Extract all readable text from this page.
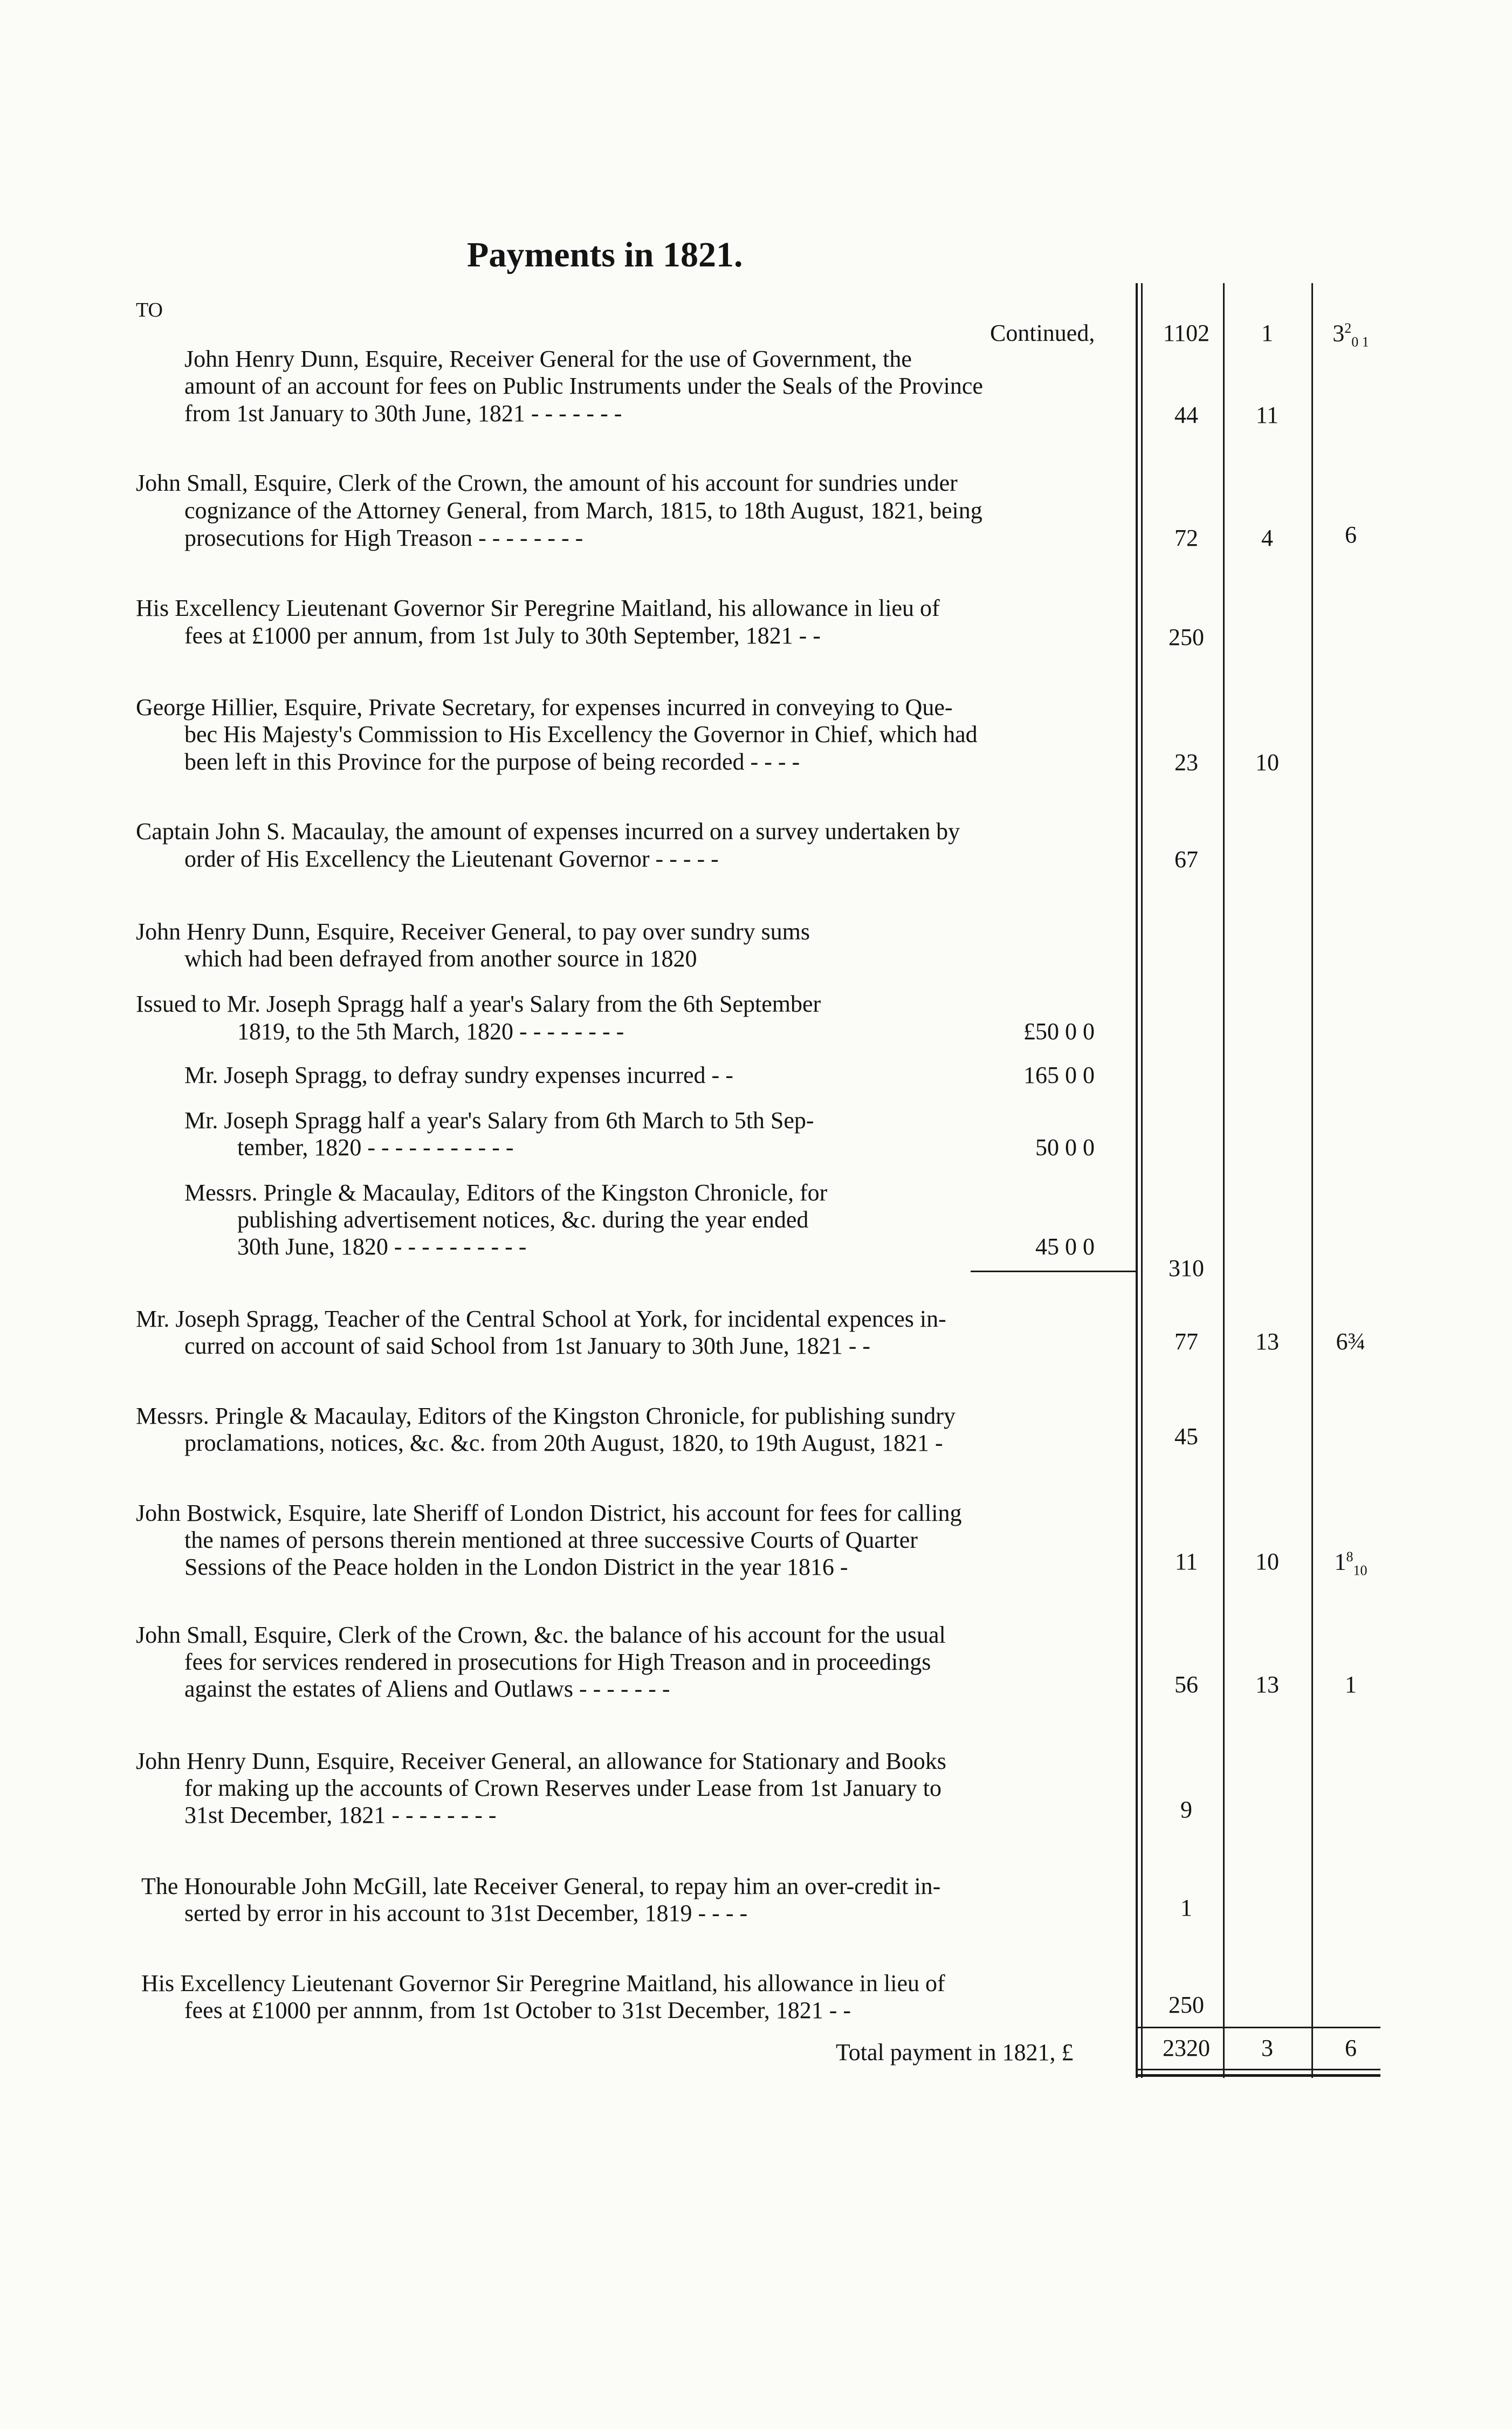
Payments in 1821.
TO
Continued,	1102	1	$3^2_{0 1}$
John Henry Dunn, Esquire, Receiver General for the use of Government, the
amount of an account for fees on Public Instruments under the Seals of the Province
from 1st January to 30th June, 1821 - - - - - - -	44	11
John Small, Esquire, Clerk of the Crown, the amount of his account for sundries under
cognizance of the Attorney General, from March, 1815, to 18th August, 1821, being
prosecutions for High Treason - - - - - - - -	72	4	6
His Excellency Lieutenant Governor Sir Peregrine Maitland, his allowance in lieu of
fees at £1000 per annum, from 1st July to 30th September, 1821 - -	250
George Hillier, Esquire, Private Secretary, for expenses incurred in conveying to Que-
bec His Majesty's Commission to His Excellency the Governor in Chief, which had
been left in this Province for the purpose of being recorded - - - -	23	10
Captain John S. Macaulay, the amount of expenses incurred on a survey undertaken by
order of His Excellency the Lieutenant Governor - - - - -	67
John Henry Dunn, Esquire, Receiver General, to pay over sundry sums
which had been defrayed from another source in 1820
Issued to Mr. Joseph Spragg half a year's Salary from the 6th September
1819, to the 5th March, 1820 - - - - - - - -	£50 0 0
Mr. Joseph Spragg, to defray sundry expenses incurred - -	165 0 0
Mr. Joseph Spragg half a year's Salary from 6th March to 5th Sep-
tember, 1820 - - - - - - - - - - -	50 0 0
Messrs. Pringle & Macaulay, Editors of the Kingston Chronicle, for
publishing advertisement notices, &c. during the year ended
30th June, 1820 - - - - - - - - - -	45 0 0
310
Mr. Joseph Spragg, Teacher of the Central School at York, for incidental expences in-
curred on account of said School from 1st January to 30th June, 1821 - -	77	13	6¾
Messrs. Pringle & Macaulay, Editors of the Kingston Chronicle, for publishing sundry
proclamations, notices, &c. &c. from 20th August, 1820, to 19th August, 1821 -	45
John Bostwick, Esquire, late Sheriff of London District, his account for fees for calling
the names of persons therein mentioned at three successive Courts of Quarter
Sessions of the Peace holden in the London District in the year 1816 -	11	10	$1^8_{10}$
John Small, Esquire, Clerk of the Crown, &c. the balance of his account for the usual
fees for services rendered in prosecutions for High Treason and in proceedings
against the estates of Aliens and Outlaws - - - - - - -	56	13	1
John Henry Dunn, Esquire, Receiver General, an allowance for Stationary and Books
for making up the accounts of Crown Reserves under Lease from 1st January to
31st December, 1821 - - - - - - - -	9
The Honourable John McGill, late Receiver General, to repay him an over-credit in-
serted by error in his account to 31st December, 1819 - - - -	1
His Excellency Lieutenant Governor Sir Peregrine Maitland, his allowance in lieu of
fees at £1000 per annnm, from 1st October to 31st December, 1821 - -	250
Total payment in 1821, £	2320	3	6
